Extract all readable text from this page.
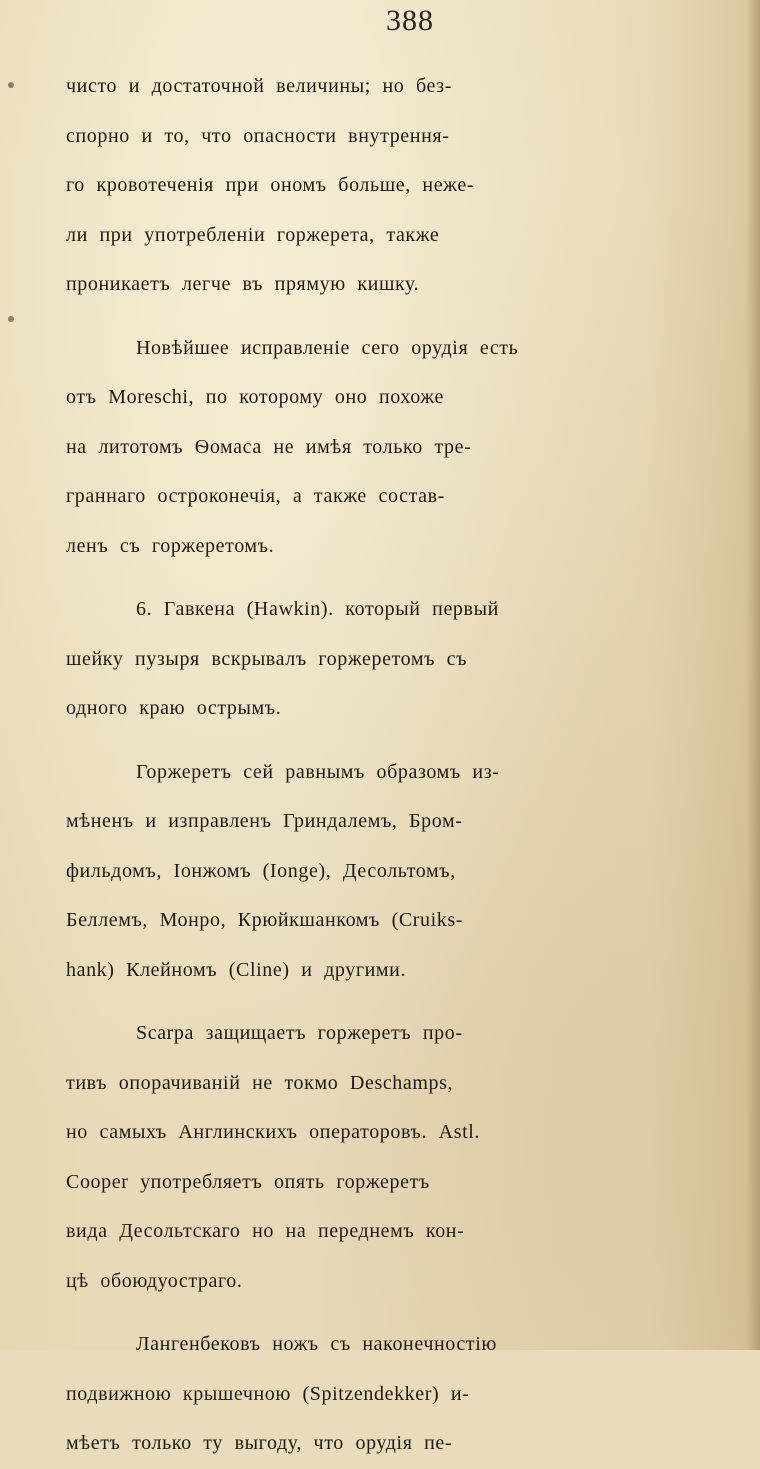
388
чисто и достаточной величины; но без-
спорно и то, что опасности внутрення-
го кровотеченія при ономъ больше, неже-
ли при употребленіи горжерета, также
проникаетъ легче въ прямую кишку.
Новѣйшее исправленіе сего орудія есть
отъ Moreschi, по которому оно похоже
на литотомъ Ѳомаса не имѣя только тре-
граннаго остроконечія, а также состав-
ленъ съ горжеретомъ.
6. Гавкена (Hawkin). который первый
шейку пузыря вскрывалъ горжеретомъ съ
одного краю острымъ.
Горжеретъ сей равнымъ образомъ из-
мѣненъ и изправленъ Гриндалемъ, Бром-
фильдомъ, Іонжомъ (Ionge), Десольтомъ,
Беллемъ, Монро, Крюйкшанкомъ (Cruiks-
hank) Клейномъ (Cline) и другими.
Scarpa защищаетъ горжеретъ про-
тивъ опорачиваній не токмо Deschamps,
но самыхъ Англинскихъ операторовъ. Astl.
Cooper употребляетъ опять горжеретъ
вида Десольтскаго но на переднемъ кон-
цѣ обоюдуостраго.
Лангенбековъ ножъ съ наконечностію
подвижною крышечною (Spitzendekker) и-
мѣетъ только ту выгоду, что орудія пе-
